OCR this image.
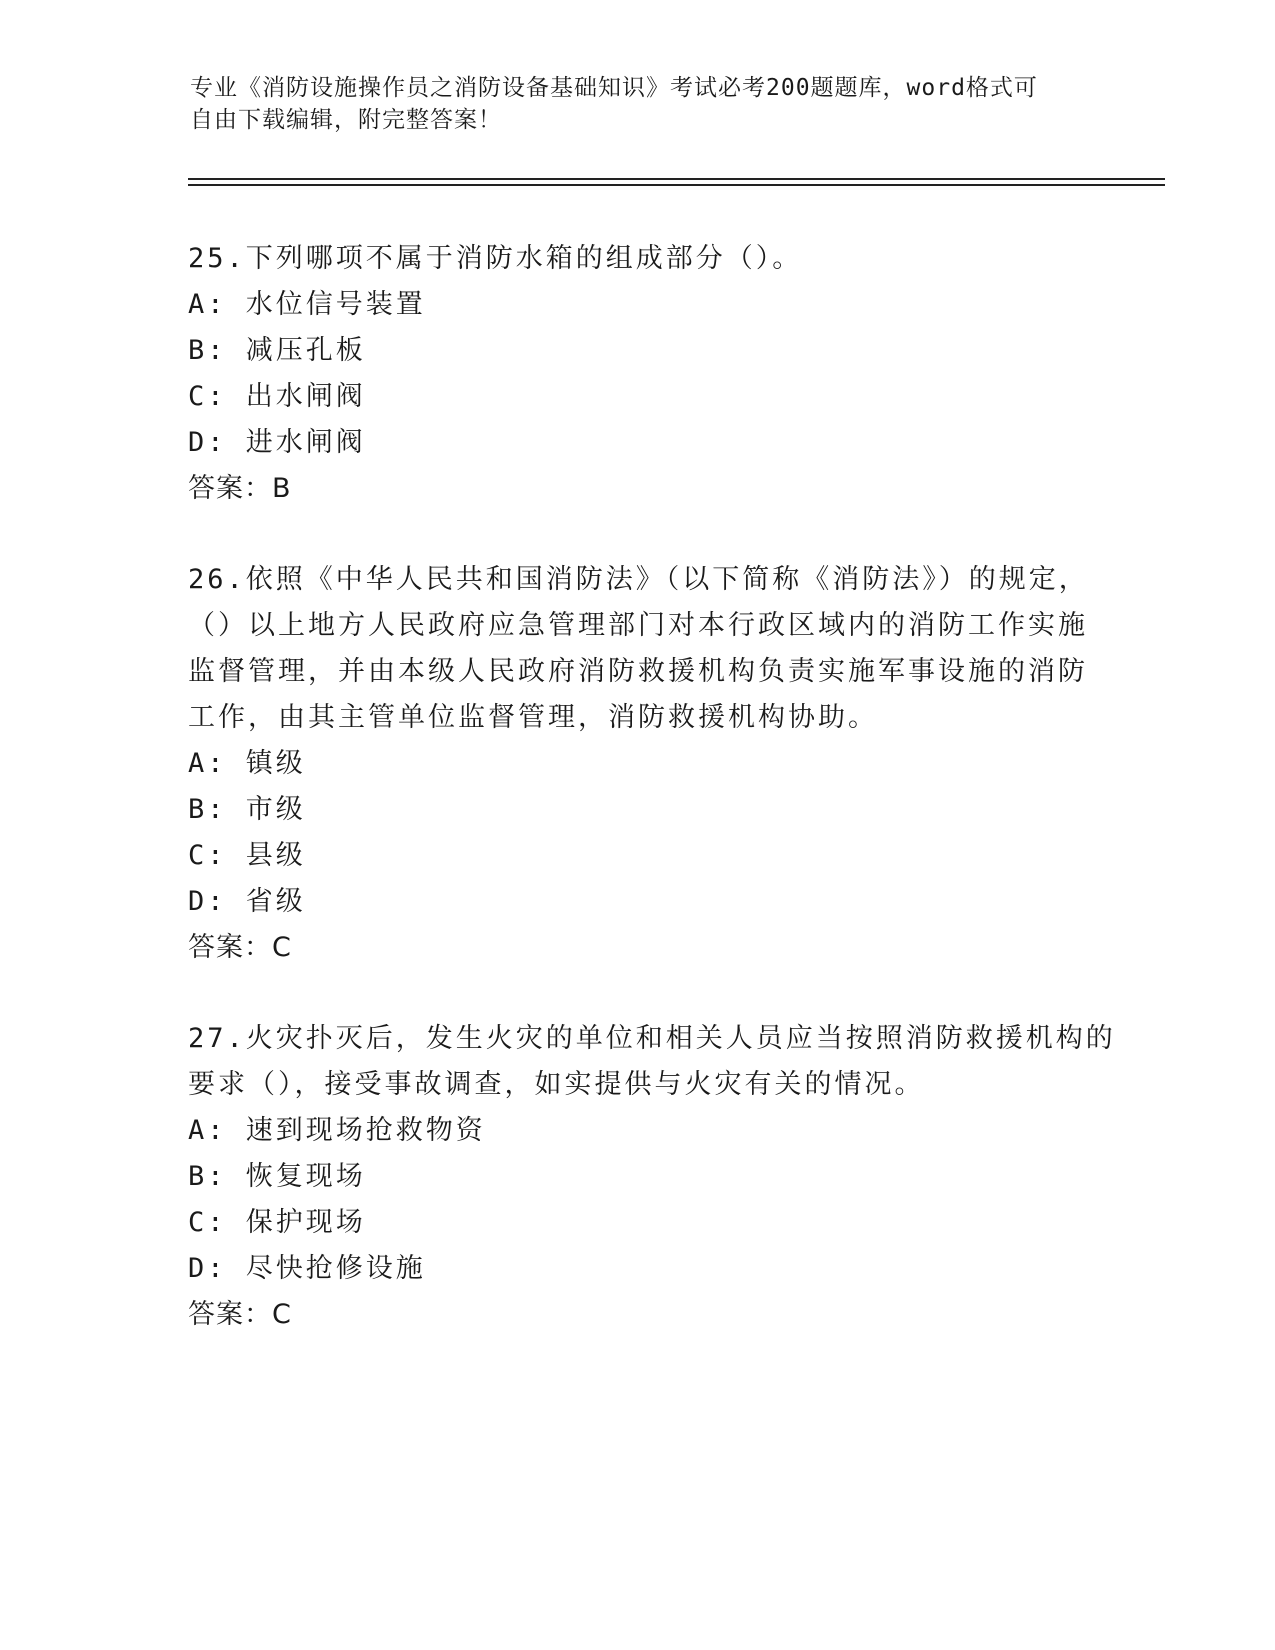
专业《消防设施操作员之消防设备基础知识》考试必考200题题库，word格式可
自由下载编辑，附完整答案！
25.下列哪项不属于消防水箱的组成部分（）。
A: 水位信号装置
B: 减压孔板
C: 出水闸阀
D: 进水闸阀
答案：B
26.依照《中华人民共和国消防法》（以下简称《消防法》）的规定，
（）以上地方人民政府应急管理部门对本行政区域内的消防工作实施
监督管理，并由本级人民政府消防救援机构负责实施军事设施的消防
工作，由其主管单位监督管理，消防救援机构协助。
A: 镇级
B: 市级
C: 县级
D: 省级
答案：C
27.火灾扑灭后，发生火灾的单位和相关人员应当按照消防救援机构的
要求（），接受事故调查，如实提供与火灾有关的情况。
A: 速到现场抢救物资
B: 恢复现场
C: 保护现场
D: 尽快抢修设施
答案：C
